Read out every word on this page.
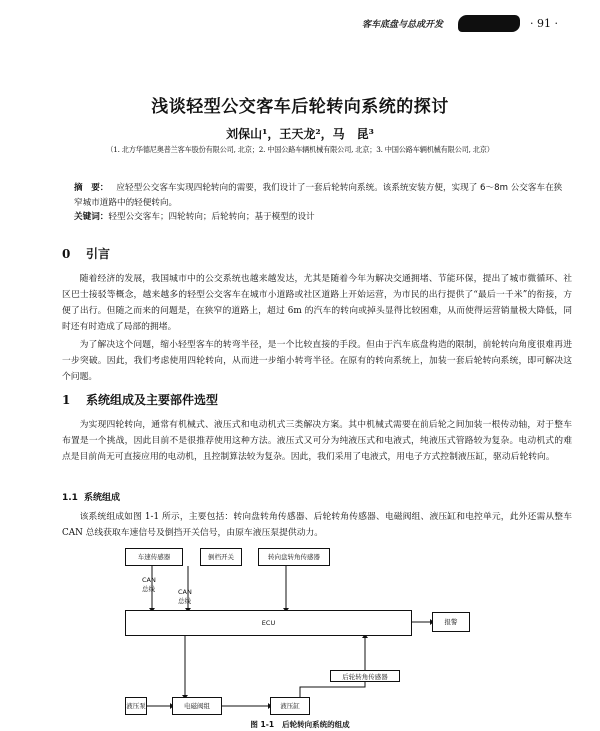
客车底盘与总成开发	· 91 ·
浅谈轻型公交客车后轮转向系统的探讨
刘保山¹，王天龙²，马　昆³
（1. 北方华德尼奥普兰客车股份有限公司, 北京；2. 中国公路车辆机械有限公司, 北京；3. 中国公路车辆机械有限公司, 北京）
摘　要： 应轻型公交客车实现四轮转向的需要，我们设计了一套后轮转向系统。该系统安装方便，实现了 6～8m 公交客车在狭窄城市道路中的轻便转向。
关键词：轻型公交客车；四轮转向；后轮转向；基于模型的设计
0 引言

随着经济的发展，我国城市中的公交系统也越来越发达，尤其是随着今年为解决交通拥堵、节能环保，提出了城市微循环、社区巴士接驳等概念，越来越多的轻型公交客车在城市小道路或社区道路上开始运营，为市民的出行提供了“最后一千米”的衔接，方便了出行。但随之而来的问题是，在狭窄的道路上，超过 6m 的汽车的转向或掉头显得比较困难，从而使得运营销量极大降低，同时还有时造成了局部的拥堵。

为了解决这个问题，缩小轻型客车的转弯半径，是一个比较直接的手段。但由于汽车底盘构造的限制，前轮转向角度很难再进一步突破。因此，我们考虑使用四轮转向，从而进一步缩小转弯半径。在原有的转向系统上，加装一套后轮转向系统，即可解决这个问题。

1 系统组成及主要部件选型

为实现四轮转向，通常有机械式、液压式和电动机式三类解决方案。其中机械式需要在前后轮之间加装一根传动轴，对于整车布置是一个挑战，因此目前不是很推荐使用这种方法。液压式又可分为纯液压式和电液式，纯液压式管路较为复杂。电动机式的难点是目前尚无可直接应用的电动机，且控制算法较为复杂。因此，我们采用了电液式，用电子方式控制液压缸，驱动后轮转向。

1.1 系统组成

该系统组成如图 1-1 所示，主要包括：转向盘转角传感器、后轮转角传感器、电磁阀组、液压缸和电控单元，此外还需从整车 CAN 总线获取车速信号及倒挡开关信号，由原车液压泵提供动力。

车速传感器	倒档开关	转向盘转角传感器
CAN总线	CAN总线
ECU	报警
后轮转角传感器
液压泵	电磁阀组	液压缸
图 1-1 后轮转向系统的组成
